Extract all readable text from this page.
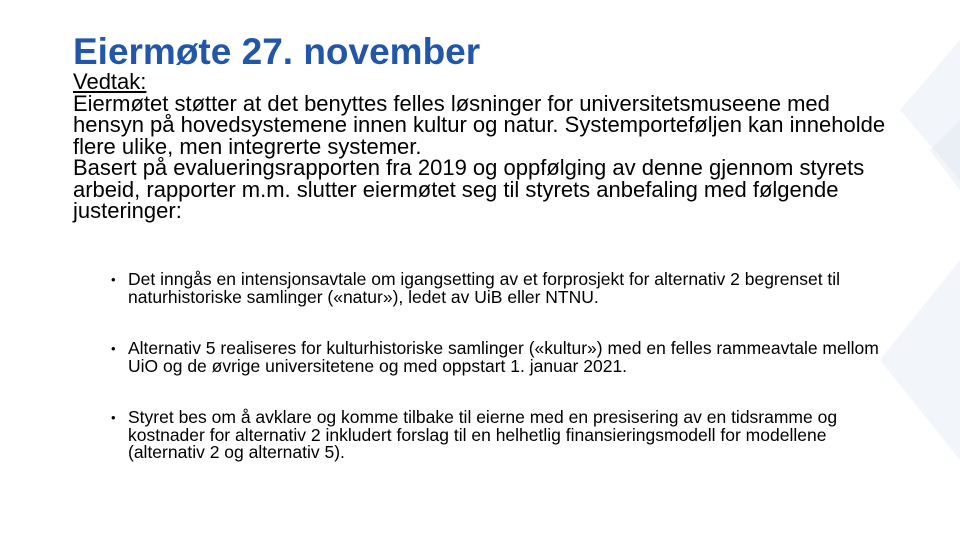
Eiermøte 27. november

Vedtak:

Eiermøtet støtter at det benyttes felles løsninger for universitetsmuseene med hensyn på hovedsystemene innen kultur og natur. Systemporteføljen kan inneholde flere ulike, men integrerte systemer.

Basert på evalueringsrapporten fra 2019 og oppfølging av denne gjennom styrets arbeid, rapporter m.m. slutter eiermøtet seg til styrets anbefaling med følgende justeringer:

• Det inngås en intensjonsavtale om igangsetting av et forprosjekt for alternativ 2 begrenset til naturhistoriske samlinger («natur»), ledet av UiB eller NTNU.
• Alternativ 5 realiseres for kulturhistoriske samlinger («kultur») med en felles rammeavtale mellom UiO og de øvrige universitetene og med oppstart 1. januar 2021.
• Styret bes om å avklare og komme tilbake til eierne med en presisering av en tidsramme og kostnader for alternativ 2 inkludert forslag til en helhetlig finansieringsmodell for modellene (alternativ 2 og alternativ 5).
